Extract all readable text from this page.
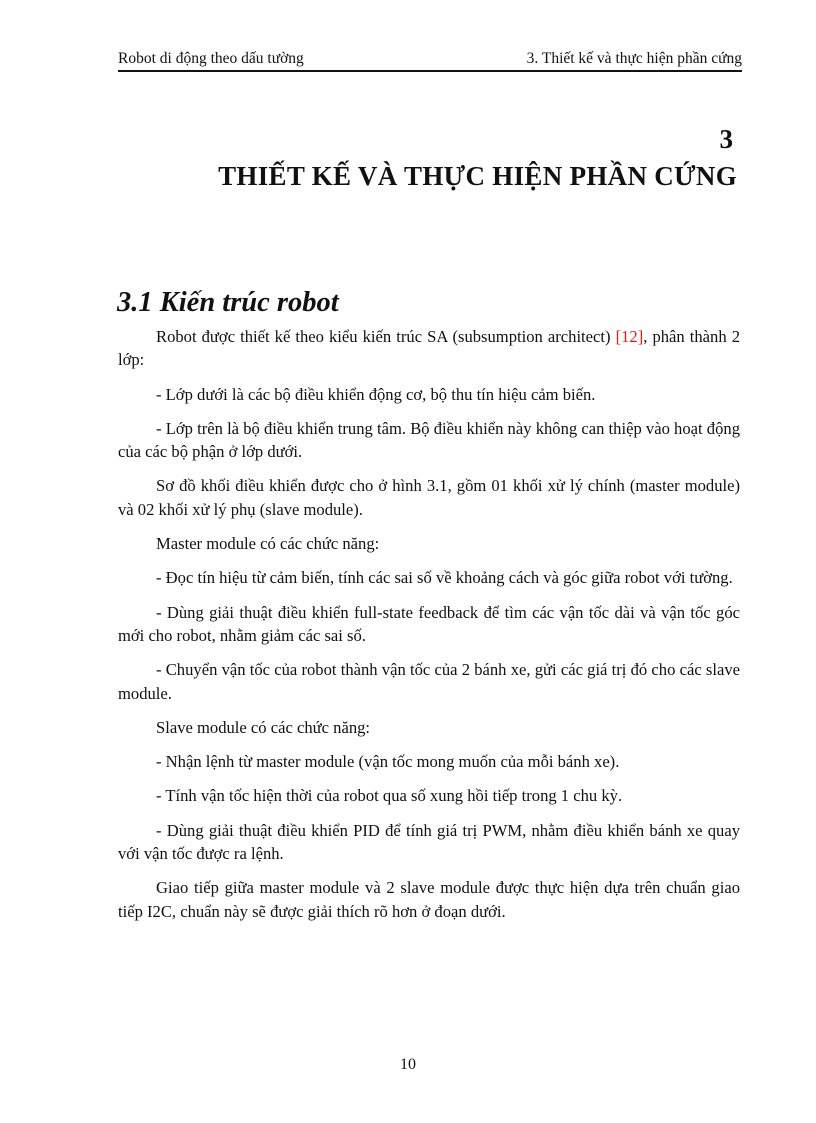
Robot di động theo dấu tường	3. Thiết kế và thực hiện phần cứng
3
THIẾT KẾ VÀ THỰC HIỆN PHẦN CỨNG
3.1 Kiến trúc robot

Robot được thiết kế theo kiểu kiến trúc SA (subsumption architect) [12], phân thành 2 lớp:

- Lớp dưới là các bộ điều khiển động cơ, bộ thu tín hiệu cảm biến.

- Lớp trên là bộ điều khiển trung tâm. Bộ điều khiển này không can thiệp vào hoạt động của các bộ phận ở lớp dưới.

Sơ đồ khối điều khiển được cho ở hình 3.1, gồm 01 khối xử lý chính (master module) và 02 khối xử lý phụ (slave module).

Master module có các chức năng:

- Đọc tín hiệu từ cảm biến, tính các sai số về khoảng cách và góc giữa robot với tường.

- Dùng giải thuật điều khiển full-state feedback để tìm các vận tốc dài và vận tốc góc mới cho robot, nhằm giảm các sai số.

- Chuyển vận tốc của robot thành vận tốc của 2 bánh xe, gửi các giá trị đó cho các slave module.

Slave module có các chức năng:

- Nhận lệnh từ master module (vận tốc mong muốn của mỗi bánh xe).

- Tính vận tốc hiện thời của robot qua số xung hồi tiếp trong 1 chu kỳ.

- Dùng giải thuật điều khiển PID để tính giá trị PWM, nhằm điều khiển bánh xe quay với vận tốc được ra lệnh.

Giao tiếp giữa master module và 2 slave module được thực hiện dựa trên chuẩn giao tiếp I2C, chuẩn này sẽ được giải thích rõ hơn ở đoạn dưới.

10
